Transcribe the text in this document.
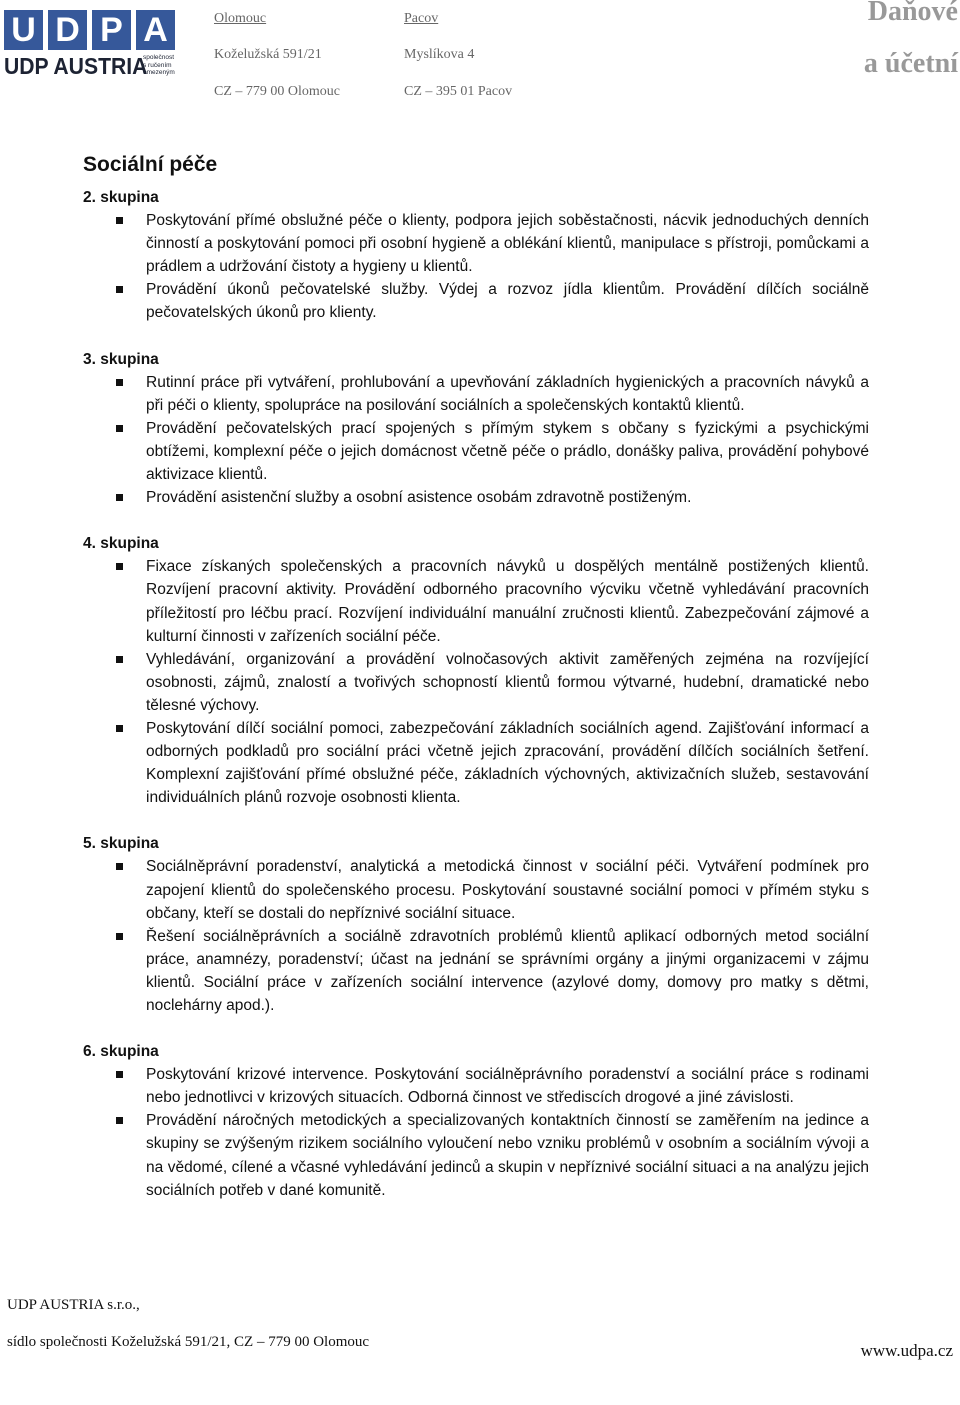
U D P A
UDP AUSTRIA
společnost
s ručením
omezeným
Olomouc
Koželužská 591/21
CZ – 779 00 Olomouc
Pacov
Myslíkova 4
CZ – 395 01 Pacov
Daňové
a účetní
Sociální péče
2. skupina
Poskytování přímé obslužné péče o klienty, podpora jejich soběstačnosti, nácvik jednoduchých denních činností a poskytování pomoci při osobní hygieně a oblékání klientů, manipulace s přístroji, pomůckami a prádlem a udržování čistoty a hygieny u klientů.
Provádění úkonů pečovatelské služby. Výdej a rozvoz jídla klientům. Provádění dílčích sociálně pečovatelských úkonů pro klienty.
3. skupina
Rutinní práce při vytváření, prohlubování a upevňování základních hygienických a pracovních návyků a při péči o klienty, spolupráce na posilování sociálních a společenských kontaktů klientů.
Provádění pečovatelských prací spojených s přímým stykem s občany s fyzickými a psychickými obtížemi, komplexní péče o jejich domácnost včetně péče o prádlo, donášky paliva, provádění pohybové aktivizace klientů.
Provádění asistenční služby a osobní asistence osobám zdravotně postiženým.
4. skupina
Fixace získaných společenských a pracovních návyků u dospělých mentálně postižených klientů. Rozvíjení pracovní aktivity. Provádění odborného pracovního výcviku včetně vyhledávání pracovních příležitostí pro léčbu prací. Rozvíjení individuální manuální zručnosti klientů. Zabezpečování zájmové a kulturní činnosti v zařízeních sociální péče.
Vyhledávání, organizování a provádění volnočasových aktivit zaměřených zejména na rozvíjející osobnosti, zájmů, znalostí a tvořivých schopností klientů formou výtvarné, hudební, dramatické nebo tělesné výchovy.
Poskytování dílčí sociální pomoci, zabezpečování základních sociálních agend. Zajišťování informací a odborných podkladů pro sociální práci včetně jejich zpracování, provádění dílčích sociálních šetření. Komplexní zajišťování přímé obslužné péče, základních výchovných, aktivizačních služeb, sestavování individuálních plánů rozvoje osobnosti klienta.
5. skupina
Sociálněprávní poradenství, analytická a metodická činnost v sociální péči. Vytváření podmínek pro zapojení klientů do společenského procesu. Poskytování soustavné sociální pomoci v přímém styku s občany, kteří se dostali do nepříznivé sociální situace.
Řešení sociálněprávních a sociálně zdravotních problémů klientů aplikací odborných metod sociální práce, anamnézy, poradenství; účast na jednání se správními orgány a jinými organizacemi v zájmu klientů. Sociální práce v zařízeních sociální intervence (azylové domy, domovy pro matky s dětmi, noclehárny apod.).
6. skupina
Poskytování krizové intervence. Poskytování sociálněprávního poradenství a sociální práce s rodinami nebo jednotlivci v krizových situacích. Odborná činnost ve střediscích drogové a jiné závislosti.
Provádění náročných metodických a specializovaných kontaktních činností se zaměřením na jedince a skupiny se zvýšeným rizikem sociálního vyloučení nebo vzniku problémů v osobním a sociálním vývoji a na vědomé, cílené a včasné vyhledávání jedinců a skupin v nepříznivé sociální situaci a na analýzu jejich sociálních potřeb v dané komunitě.
UDP AUSTRIA s.r.o.,
sídlo společnosti Koželužská 591/21, CZ – 779 00 Olomouc	www.udpa.cz
